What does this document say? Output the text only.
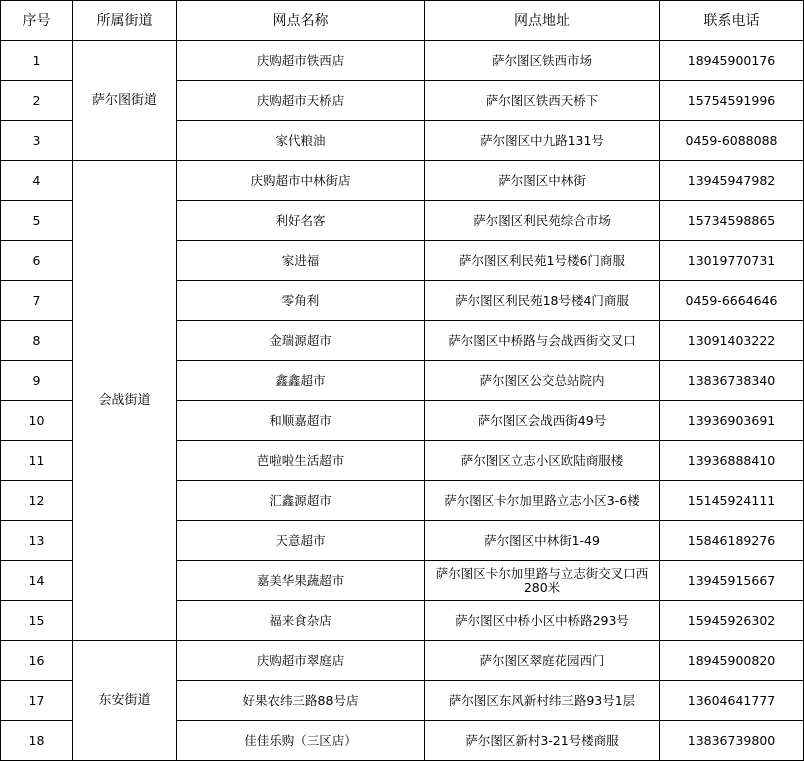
序号	所属街道	网点名称	网点地址	联系电话
1	萨尔图街道	庆购超市铁西店	萨尔图区铁西市场	18945900176
2		庆购超市天桥店	萨尔图区铁西天桥下	15754591996
3		家代粮油	萨尔图区中九路131号	0459-6088088
4	会战街道	庆购超市中林街店	萨尔图区中林街	13945947982
5		利好名客	萨尔图区利民苑综合市场	15734598865
6		家进福	萨尔图区利民苑1号楼6门商服	13019770731
7		零角利	萨尔图区利民苑18号楼4门商服	0459-6664646
8		金瑞源超市	萨尔图区中桥路与会战西街交叉口	13091403222
9		鑫鑫超市	萨尔图区公交总站院内	13836738340
10		和顺嘉超市	萨尔图区会战西街49号	13936903691
11		芭啦啦生活超市	萨尔图区立志小区欧陆商服楼	13936888410
12		汇鑫源超市	萨尔图区卡尔加里路立志小区3-6楼	15145924111
13		天意超市	萨尔图区中林街1-49	15846189276
14		嘉美华果蔬超市	萨尔图区卡尔加里路与立志街交叉口西280米	13945915667
15		福来食杂店	萨尔图区中桥小区中桥路293号	15945926302
16	东安街道	庆购超市翠庭店	萨尔图区翠庭花园西门	18945900820
17		好果农纬三路88号店	萨尔图区东风新村纬三路93号1层	13604641777
18		佳佳乐购（三区店）	萨尔图区新村3-21号楼商服	13836739800
